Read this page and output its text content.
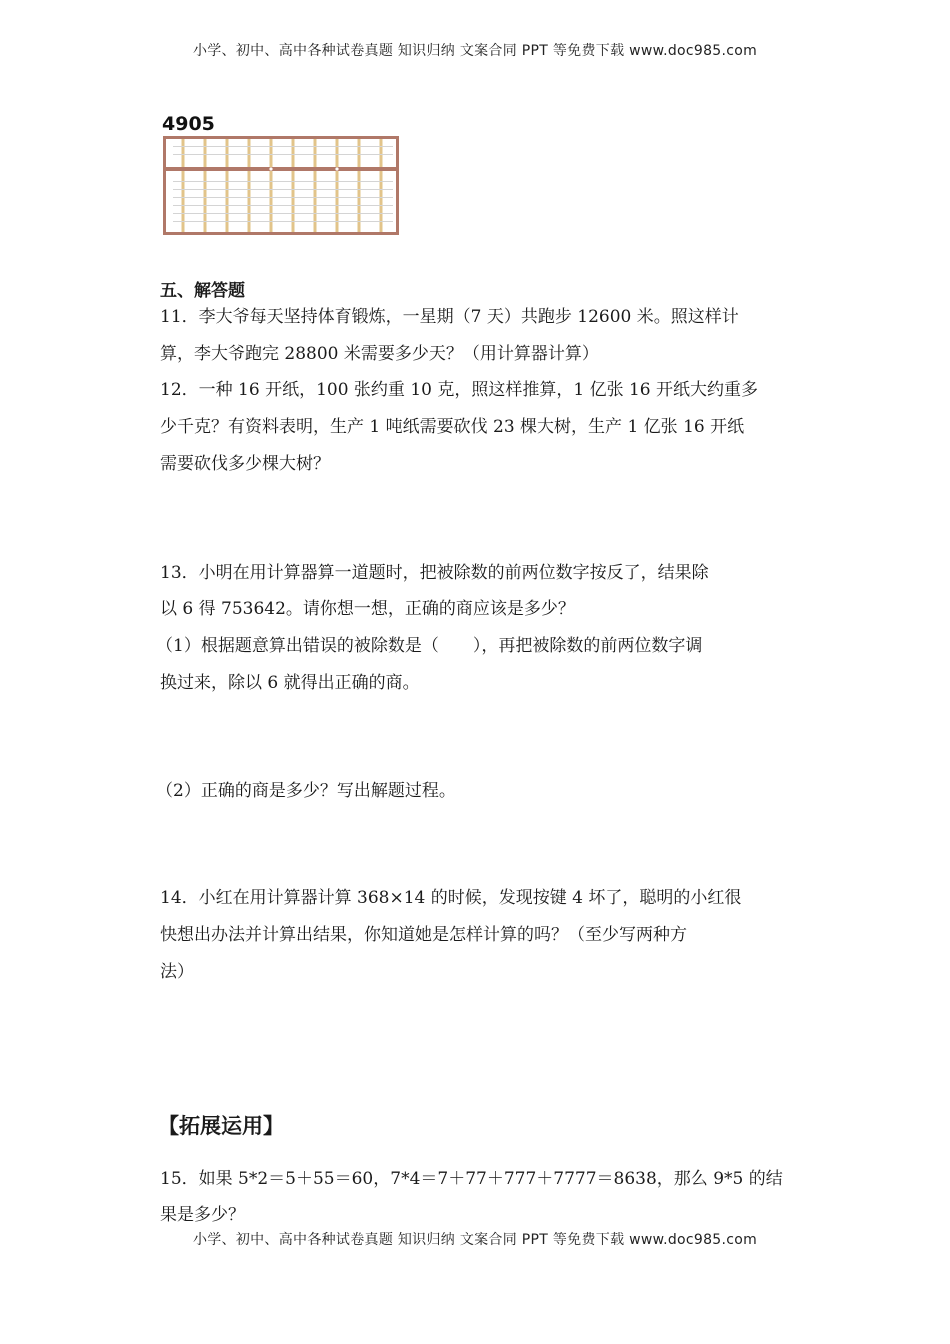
小学、初中、高中各种试卷真题 知识归纳 文案合同 PPT 等免费下载 www.doc985.com
4905
五、解答题
11．李大爷每天坚持体育锻炼，一星期（7 天）共跑步 12600 米。照这样计
算，李大爷跑完 28800 米需要多少天？（用计算器计算）
12．一种 16 开纸，100 张约重 10 克，照这样推算，1 亿张 16 开纸大约重多
少千克？有资料表明，生产 1 吨纸需要砍伐 23 棵大树，生产 1 亿张 16 开纸
需要砍伐多少棵大树？
13．小明在用计算器算一道题时，把被除数的前两位数字按反了，结果除
以 6 得 753642。请你想一想，正确的商应该是多少？
（1）根据题意算出错误的被除数是（　　），再把被除数的前两位数字调
换过来，除以 6 就得出正确的商。
（2）正确的商是多少？写出解题过程。
14．小红在用计算器计算 368×14 的时候，发现按键 4 坏了，聪明的小红很
快想出办法并计算出结果，你知道她是怎样计算的吗？（至少写两种方
法）
【拓展运用】
15．如果 5*2＝5＋55＝60，7*4＝7＋77＋777＋7777＝8638，那么 9*5 的结
果是多少？
小学、初中、高中各种试卷真题 知识归纳 文案合同 PPT 等免费下载 www.doc985.com
